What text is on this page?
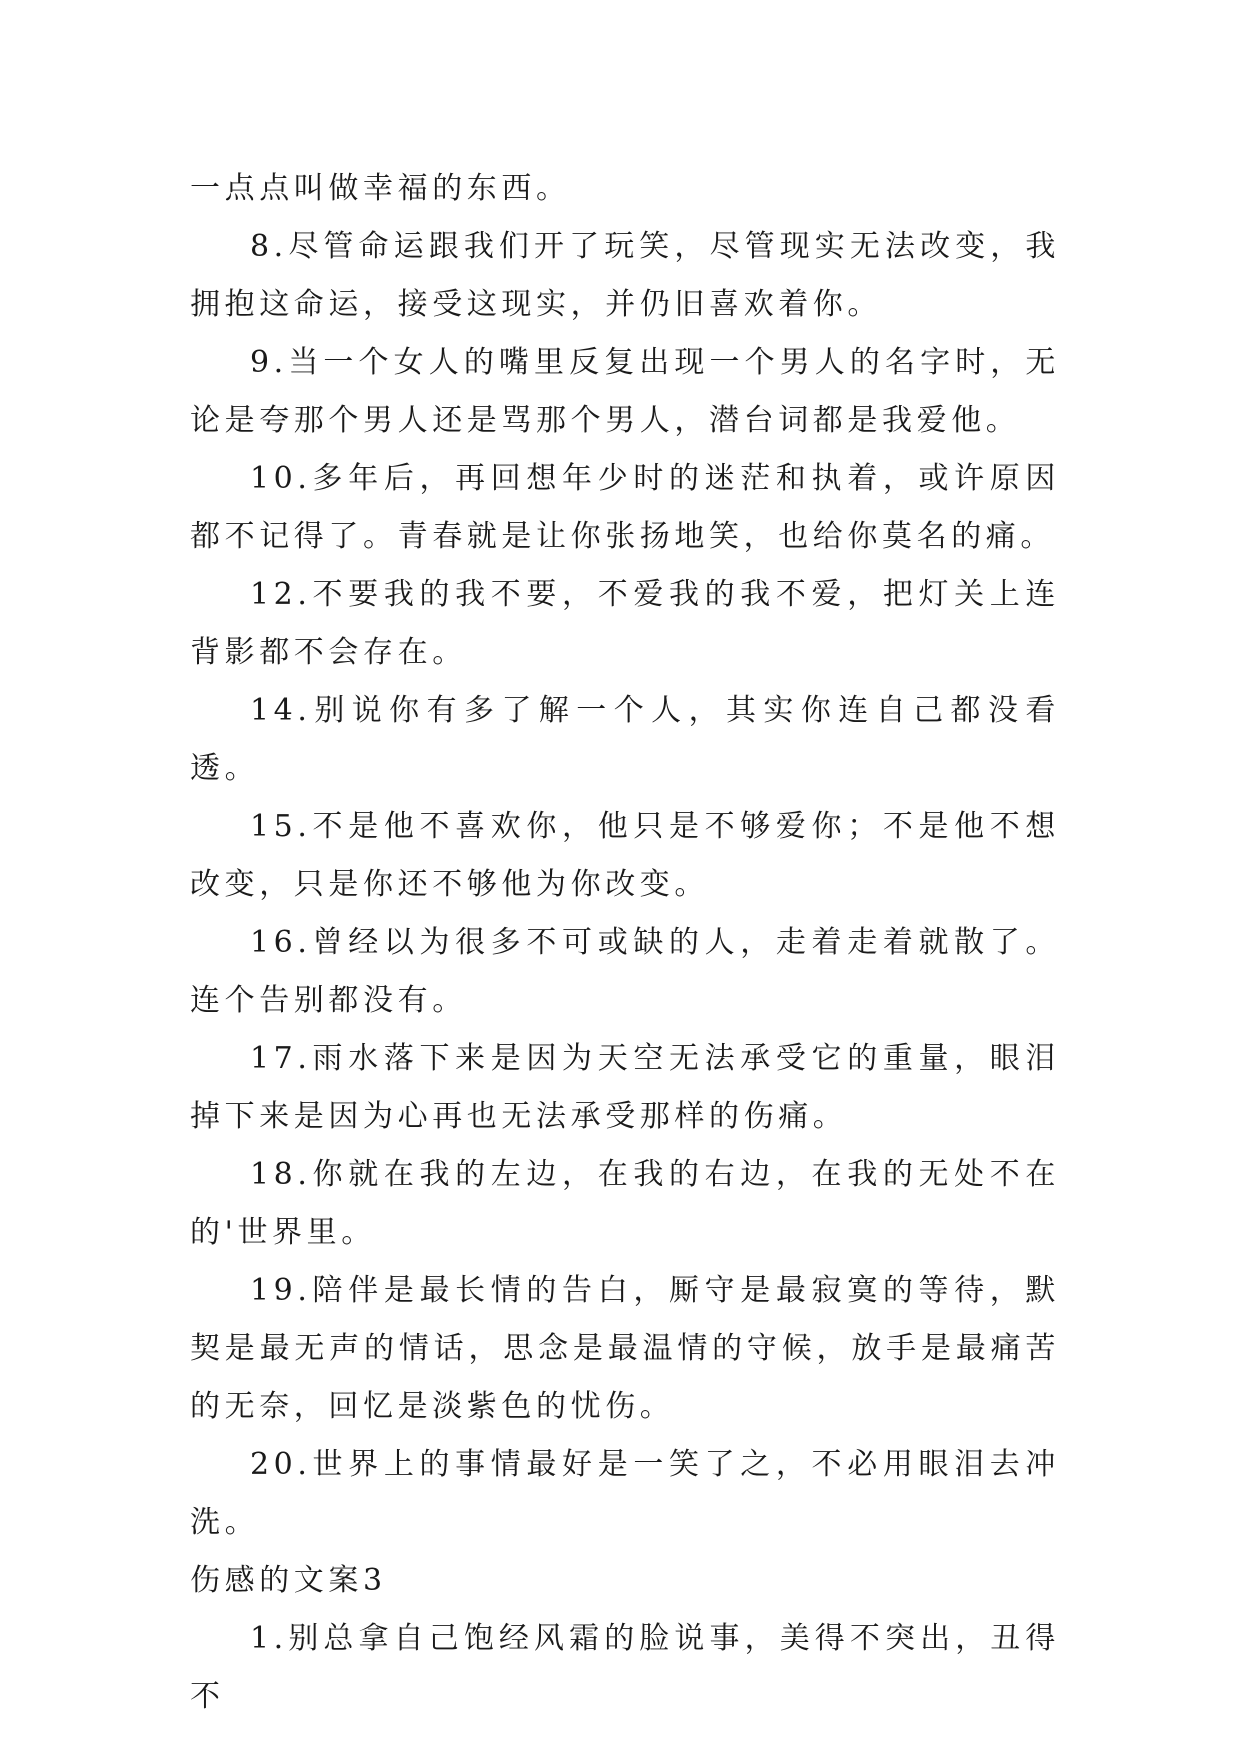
一点点叫做幸福的东西。

8.尽管命运跟我们开了玩笑，尽管现实无法改变，我拥抱这命运，接受这现实，并仍旧喜欢着你。

9.当一个女人的嘴里反复出现一个男人的名字时，无论是夸那个男人还是骂那个男人，潜台词都是我爱他。

10.多年后，再回想年少时的迷茫和执着，或许原因都不记得了。青春就是让你张扬地笑，也给你莫名的痛。

12.不要我的我不要，不爱我的我不爱，把灯关上连背影都不会存在。

14.别说你有多了解一个人，其实你连自己都没看透。

15.不是他不喜欢你，他只是不够爱你；不是他不想改变，只是你还不够他为你改变。

16.曾经以为很多不可或缺的人，走着走着就散了。连个告别都没有。

17.雨水落下来是因为天空无法承受它的重量，眼泪掉下来是因为心再也无法承受那样的伤痛。

18.你就在我的左边，在我的右边，在我的无处不在的'世界里。

19.陪伴是最长情的告白，厮守是最寂寞的等待，默契是最无声的情话，思念是最温情的守候，放手是最痛苦的无奈，回忆是淡紫色的忧伤。

20.世界上的事情最好是一笑了之，不必用眼泪去冲洗。

伤感的文案3

1.别总拿自己饱经风霜的脸说事，美得不突出，丑得不
